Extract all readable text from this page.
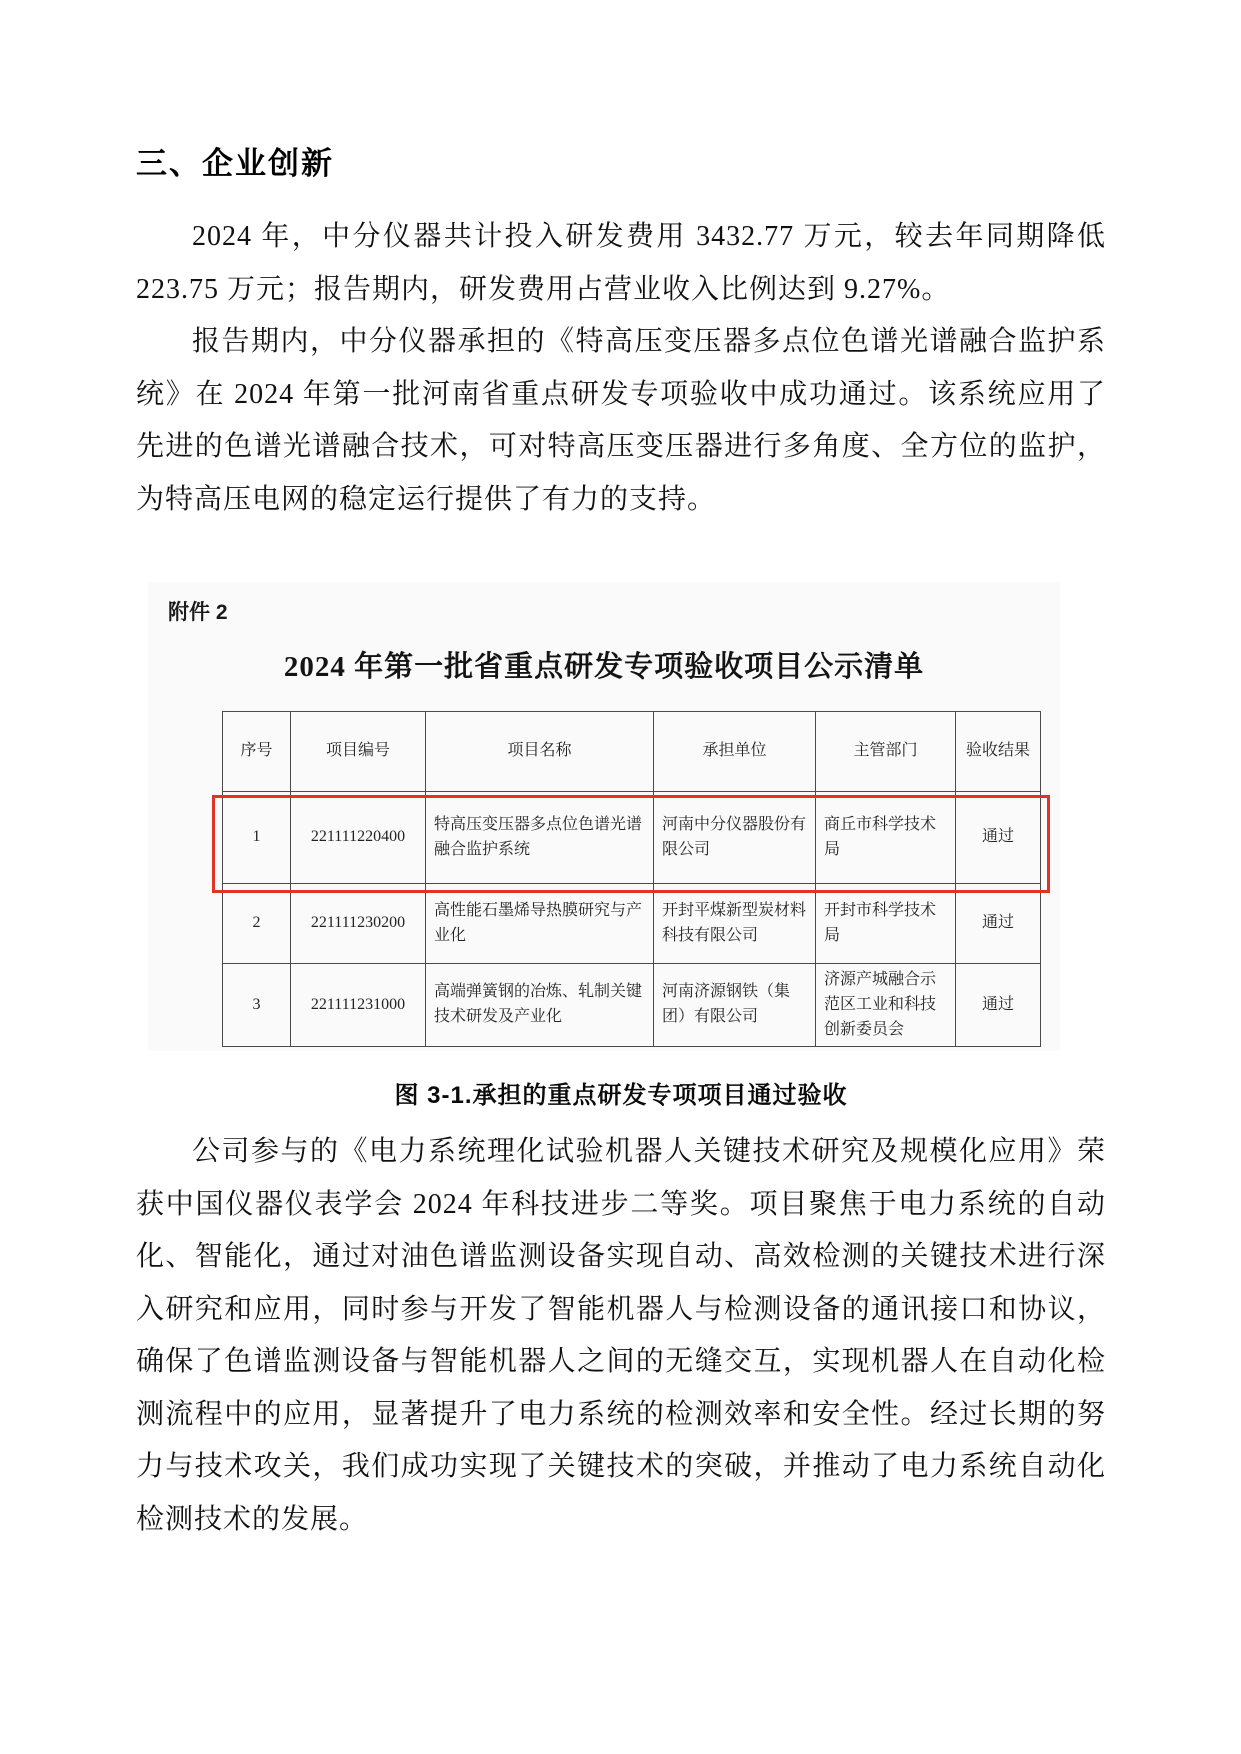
三、企业创新

2024 年，中分仪器共计投入研发费用 3432.77 万元，较去年同期降低 223.75 万元；报告期内，研发费用占营业收入比例达到 9.27%。

报告期内，中分仪器承担的《特高压变压器多点位色谱光谱融合监护系统》在 2024 年第一批河南省重点研发专项验收中成功通过。该系统应用了先进的色谱光谱融合技术，可对特高压变压器进行多角度、全方位的监护，为特高压电网的稳定运行提供了有力的支持。

附件 2
2024 年第一批省重点研发专项验收项目公示清单
序号	项目编号	项目名称	承担单位	主管部门	验收结果
1	221111220400	特高压变压器多点位色谱光谱融合监护系统	河南中分仪器股份有限公司	商丘市科学技术局	通过
2	221111230200	高性能石墨烯导热膜研究与产业化	开封平煤新型炭材料科技有限公司	开封市科学技术局	通过
3	221111231000	高端弹簧钢的冶炼、轧制关键技术研发及产业化	河南济源钢铁（集团）有限公司	济源产城融合示范区工业和科技创新委员会	通过
图 3-1.承担的重点研发专项项目通过验收

公司参与的《电力系统理化试验机器人关键技术研究及规模化应用》荣获中国仪器仪表学会 2024 年科技进步二等奖。项目聚焦于电力系统的自动化、智能化，通过对油色谱监测设备实现自动、高效检测的关键技术进行深入研究和应用，同时参与开发了智能机器人与检测设备的通讯接口和协议，确保了色谱监测设备与智能机器人之间的无缝交互，实现机器人在自动化检测流程中的应用，显著提升了电力系统的检测效率和安全性。经过长期的努力与技术攻关，我们成功实现了关键技术的突破，并推动了电力系统自动化检测技术的发展。
